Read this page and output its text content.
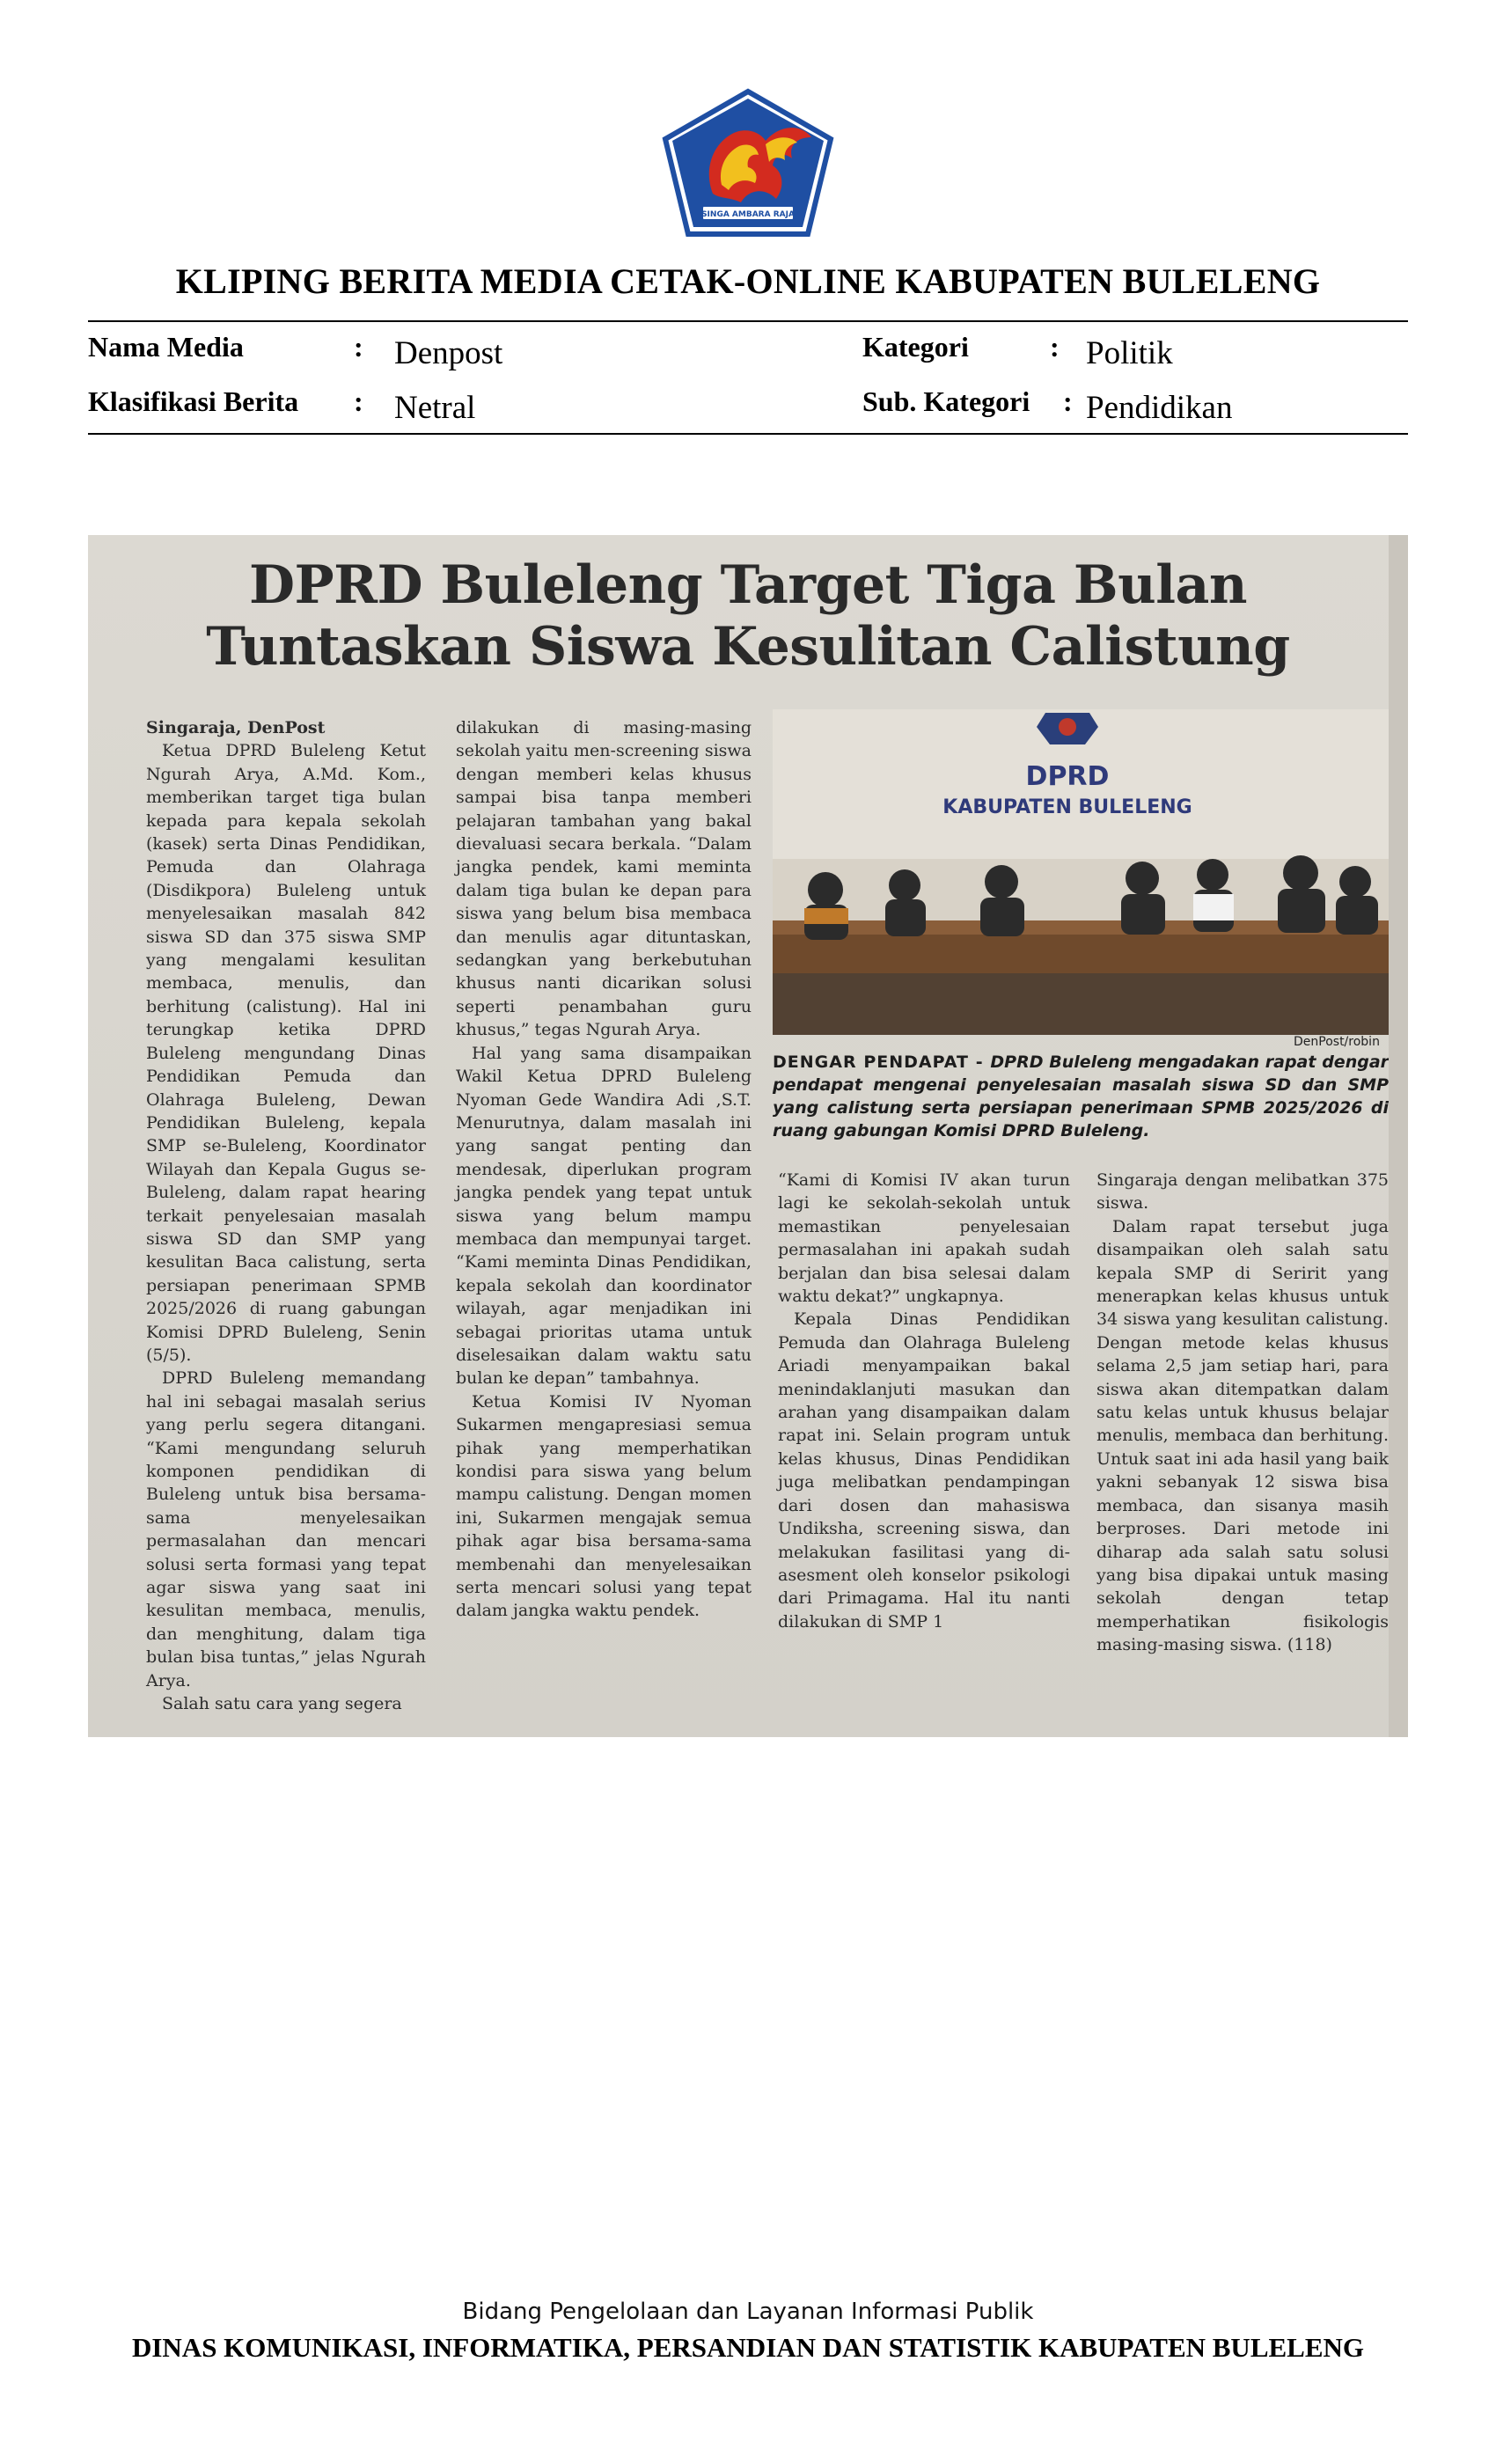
SINGA AMBARA RAJA
KLIPING BERITA MEDIA CETAK-ONLINE KABUPATEN BULELENG
Nama Media	: Denpost	Kategori	: Politik
Klasifikasi Berita : Netral	Sub. Kategori : Pendidikan
DPRD Buleleng Target Tiga Bulan
Tuntaskan Siswa Kesulitan Calistung

Singaraja, DenPost

Ketua DPRD Buleleng Ketut Ngurah Arya, A.Md. Kom., memberikan target tiga bulan kepada para kepala sekolah (kasek) serta Dinas Pendidikan, Pemuda dan Olahraga (Disdikpora) Buleleng untuk menyelesaikan masalah 842 siswa SD dan 375 siswa SMP yang mengalami kesulitan membaca, menulis, dan berhitung (calistung). Hal ini terungkap ketika DPRD Buleleng mengundang Dinas Pendidikan Pemuda dan Olahraga Buleleng, Dewan Pendidikan Buleleng, kepala SMP se-Buleleng, Koordinator Wilayah dan Kepala Gugus se-Buleleng, dalam rapat hearing terkait penyelesaian masalah siswa SD dan SMP yang kesulitan Baca calistung, serta persiapan penerimaan SPMB 2025/2026 di ruang gabungan Komisi DPRD Buleleng, Senin (5/5).

DPRD Buleleng memandang hal ini sebagai masalah serius yang perlu segera ditangani. “Kami mengundang seluruh komponen pendidikan di Buleleng untuk bisa bersama-sama menyelesaikan permasalahan dan mencari solusi serta formasi yang tepat agar siswa yang saat ini kesulitan membaca, menulis, dan menghitung, dalam tiga bulan bisa tuntas,” jelas Ngurah Arya.

Salah satu cara yang segera

dilakukan di masing-masing sekolah yaitu men-screening siswa dengan memberi kelas khusus sampai bisa tanpa memberi pelajaran tambahan yang bakal dievaluasi secara berkala. “Dalam jangka pendek, kami meminta dalam tiga bulan ke depan para siswa yang belum bisa membaca dan menulis agar dituntaskan, sedangkan yang berkebutuhan khusus nanti dicarikan solusi seperti penambahan guru khusus,” tegas Ngurah Arya.

Hal yang sama disampaikan Wakil Ketua DPRD Buleleng Nyoman Gede Wandira Adi ,S.T. Menurutnya, dalam masalah ini yang sangat penting dan mendesak, diperlukan program jangka pendek yang tepat untuk siswa yang belum mampu membaca dan mempunyai target. “Kami meminta Dinas Pendidikan, kepala sekolah dan koordinator wilayah, agar menjadikan ini sebagai prioritas utama untuk diselesaikan dalam waktu satu bulan ke depan” tambahnya.

Ketua Komisi IV Nyoman Sukarmen mengapresiasi semua pihak yang memperhatikan kondisi para siswa yang belum mampu calistung. Dengan momen ini, Sukarmen mengajak semua pihak agar bisa bersama-sama membenahi dan menyelesaikan serta mencari solusi yang tepat dalam jangka waktu pendek.

DPRD
KABUPATEN BULELENG
DenPost/robin
DENGAR PENDAPAT - DPRD Buleleng mengadakan rapat dengar pendapat mengenai penyelesaian masalah siswa SD dan SMP yang calistung serta persiapan penerimaan SPMB 2025/2026 di ruang gabungan Komisi DPRD Buleleng.

“Kami di Komisi IV akan turun lagi ke sekolah-sekolah untuk memastikan penyelesaian permasalahan ini apakah sudah berjalan dan bisa selesai dalam waktu dekat?” ungkapnya.

Kepala Dinas Pendidikan Pemuda dan Olahraga Buleleng Ariadi menyampaikan bakal menindaklanjuti masukan dan arahan yang disampaikan dalam rapat ini. Selain program untuk kelas khusus, Dinas Pendidikan juga melibatkan pendampingan dari dosen dan mahasiswa Undiksha, screening siswa, dan melakukan fasilitasi yang di-asesment oleh konselor psikologi dari Primagama. Hal itu nanti dilakukan di SMP 1

Singaraja dengan melibatkan 375 siswa.

Dalam rapat tersebut juga disampaikan oleh salah satu kepala SMP di Seririt yang menerapkan kelas khusus untuk 34 siswa yang kesulitan calistung. Dengan metode kelas khusus selama 2,5 jam setiap hari, para siswa akan ditempatkan dalam satu kelas untuk khusus belajar menulis, membaca dan berhitung. Untuk saat ini ada hasil yang baik yakni sebanyak 12 siswa bisa membaca, dan sisanya masih berproses. Dari metode ini diharap ada salah satu solusi yang bisa dipakai untuk masing sekolah dengan tetap memperhatikan fisikologis masing-masing siswa. (118)

Bidang Pengelolaan dan Layanan Informasi Publik
DINAS KOMUNIKASI, INFORMATIKA, PERSANDIAN DAN STATISTIK KABUPATEN BULELENG
